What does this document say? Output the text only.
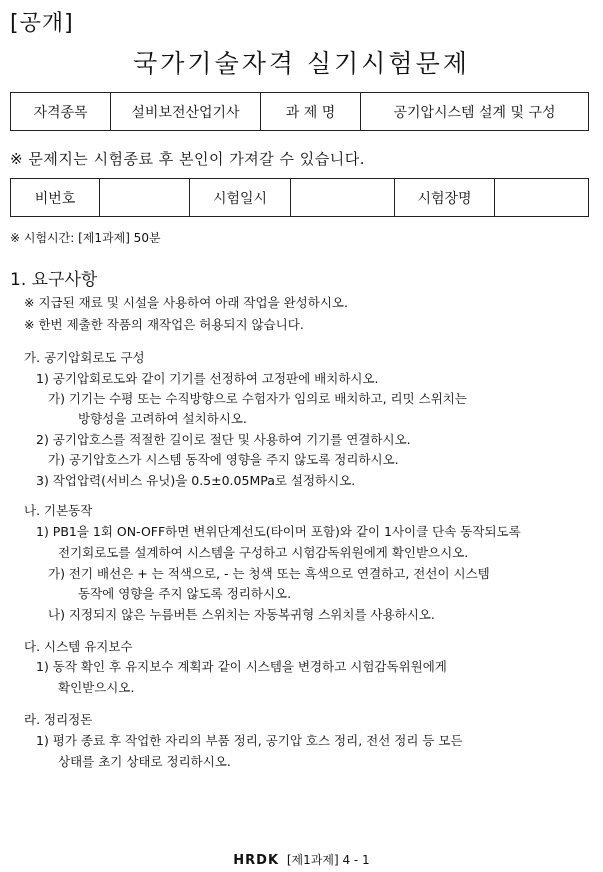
[공개]
국가기술자격 실기시험문제
자격종목	설비보전산업기사	과 제 명	공기압시스템 설계 및 구성
※ 문제지는 시험종료 후 본인이 가져갈 수 있습니다.
비번호		시험일시		시험장명	
※ 시험시간: [제1과제] 50분
1. 요구사항
※ 지급된 재료 및 시설을 사용하여 아래 작업을 완성하시오.
※ 한번 제출한 작품의 재작업은 허용되지 않습니다.
가. 공기압회로도 구성
1) 공기압회로도와 같이 기기를 선정하여 고정판에 배치하시오.
가) 기기는 수평 또는 수직방향으로 수험자가 임의로 배치하고, 리밋 스위치는
방향성을 고려하여 설치하시오.
2) 공기압호스를 적절한 길이로 절단 및 사용하여 기기를 연결하시오.
가) 공기압호스가 시스템 동작에 영향을 주지 않도록 정리하시오.
3) 작업압력(서비스 유닛)을 0.5±0.05MPa로 설정하시오.
나. 기본동작
1) PB1을 1회 ON-OFF하면 변위단계선도(타이머 포함)와 같이 1사이클 단속 동작되도록
전기회로도를 설계하여 시스템을 구성하고 시험감독위원에게 확인받으시오.
가) 전기 배선은 + 는 적색으로, - 는 청색 또는 흑색으로 연결하고, 전선이 시스템
동작에 영향을 주지 않도록 정리하시오.
나) 지정되지 않은 누름버튼 스위치는 자동복귀형 스위치를 사용하시오.
다. 시스템 유지보수
1) 동작 확인 후 유지보수 계획과 같이 시스템을 변경하고 시험감독위원에게
확인받으시오.
라. 정리정돈
1) 평가 종료 후 작업한 자리의 부품 정리, 공기압 호스 정리, 전선 정리 등 모든
상태를 초기 상태로 정리하시오.
HRDK [제1과제] 4 - 1
